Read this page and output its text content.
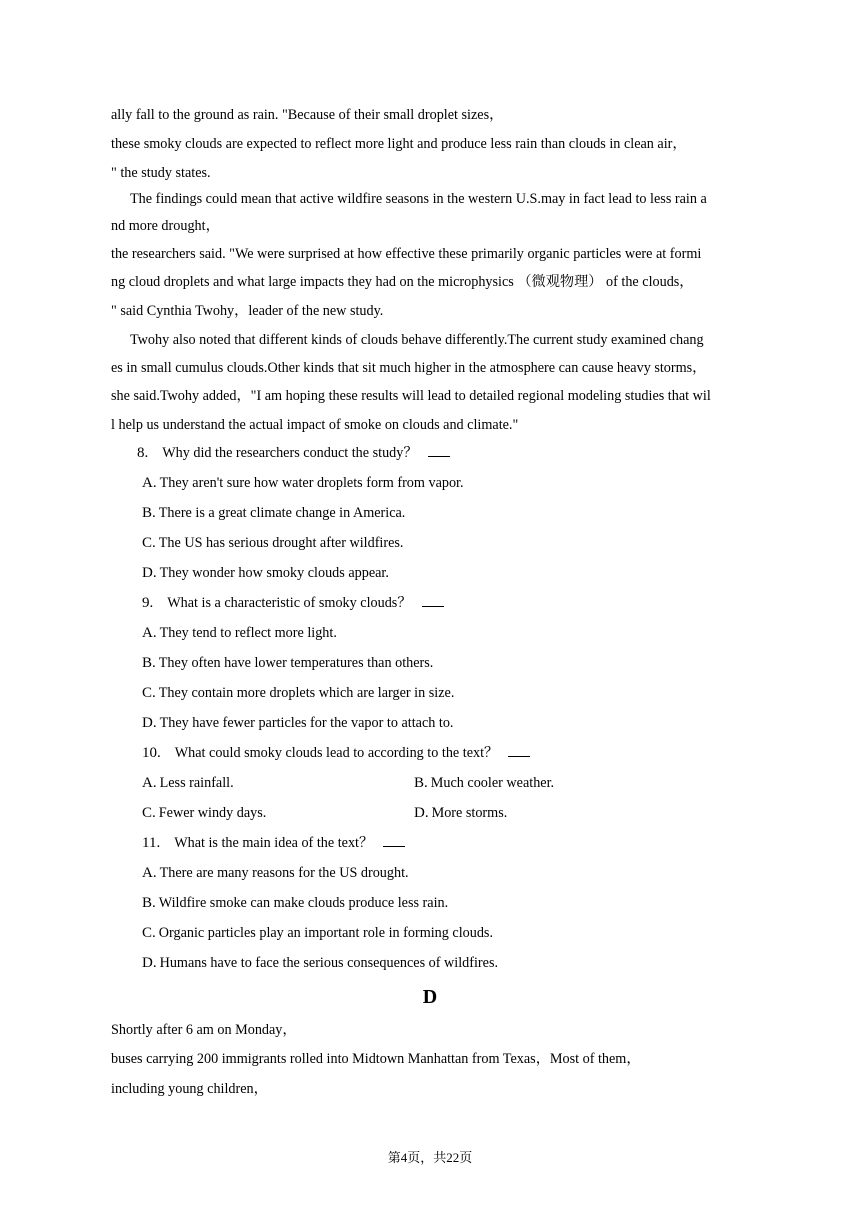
ally fall to the ground as rain. "Because of their small droplet sizes，
these smoky clouds are expected to reflect more light and produce less rain than clouds in clean air，
" the study states.
The findings could mean that active wildfire seasons in the western U.S.may in fact lead to less rain a
nd more drought，
the researchers said. "We were surprised at how effective these primarily organic particles were at formi
ng cloud droplets and what large impacts they had on the microphysics （微观物理） of the clouds，
" said Cynthia Twohy，leader of the new study.
Twohy also noted that different kinds of clouds behave differently.The current study examined chang
es in small cumulus clouds.Other kinds that sit much higher in the atmosphere can cause heavy storms，
she said.Twohy added，"I am hoping these results will lead to detailed regional modeling studies that wil
l help us understand the actual impact of smoke on clouds and climate."
8. Why did the researchers conduct the study？
A. They aren't sure how water droplets form from vapor.
B. There is a great climate change in America.
C. The US has serious drought after wildfires.
D. They wonder how smoky clouds appear.
9. What is a characteristic of smoky clouds？
A. They tend to reflect more light.
B. They often have lower temperatures than others.
C. They contain more droplets which are larger in size.
D. They have fewer particles for the vapor to attach to.
10. What could smoky clouds lead to according to the text？
A. Less rainfall.	B. Much cooler weather.
C. Fewer windy days.	D. More storms.
11. What is the main idea of the text？
A. There are many reasons for the US drought.
B. Wildfire smoke can make clouds produce less rain.
C. Organic particles play an important role in forming clouds.
D. Humans have to face the serious consequences of wildfires.
D
Shortly after 6 am on Monday，
buses carrying 200 immigrants rolled into Midtown Manhattan from Texas，Most of them，
including young children，
第4页，共22页
